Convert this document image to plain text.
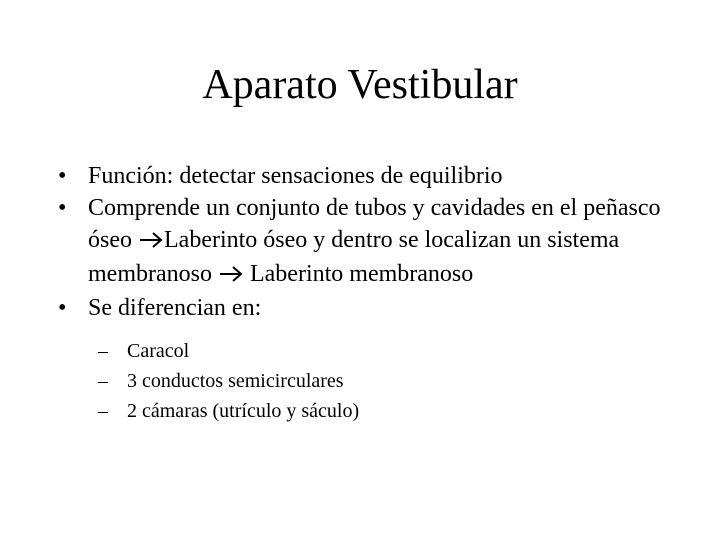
Aparato Vestibular
• Función: detectar sensaciones de equilibrio
• Comprende un conjunto de tubos y cavidades en el peñasco óseo Laberinto óseo y dentro se localizan un sistema membranoso  Laberinto membranoso
• Se diferencian en:
– Caracol
– 3 conductos semicirculares
– 2 cámaras (utrículo y sáculo)
